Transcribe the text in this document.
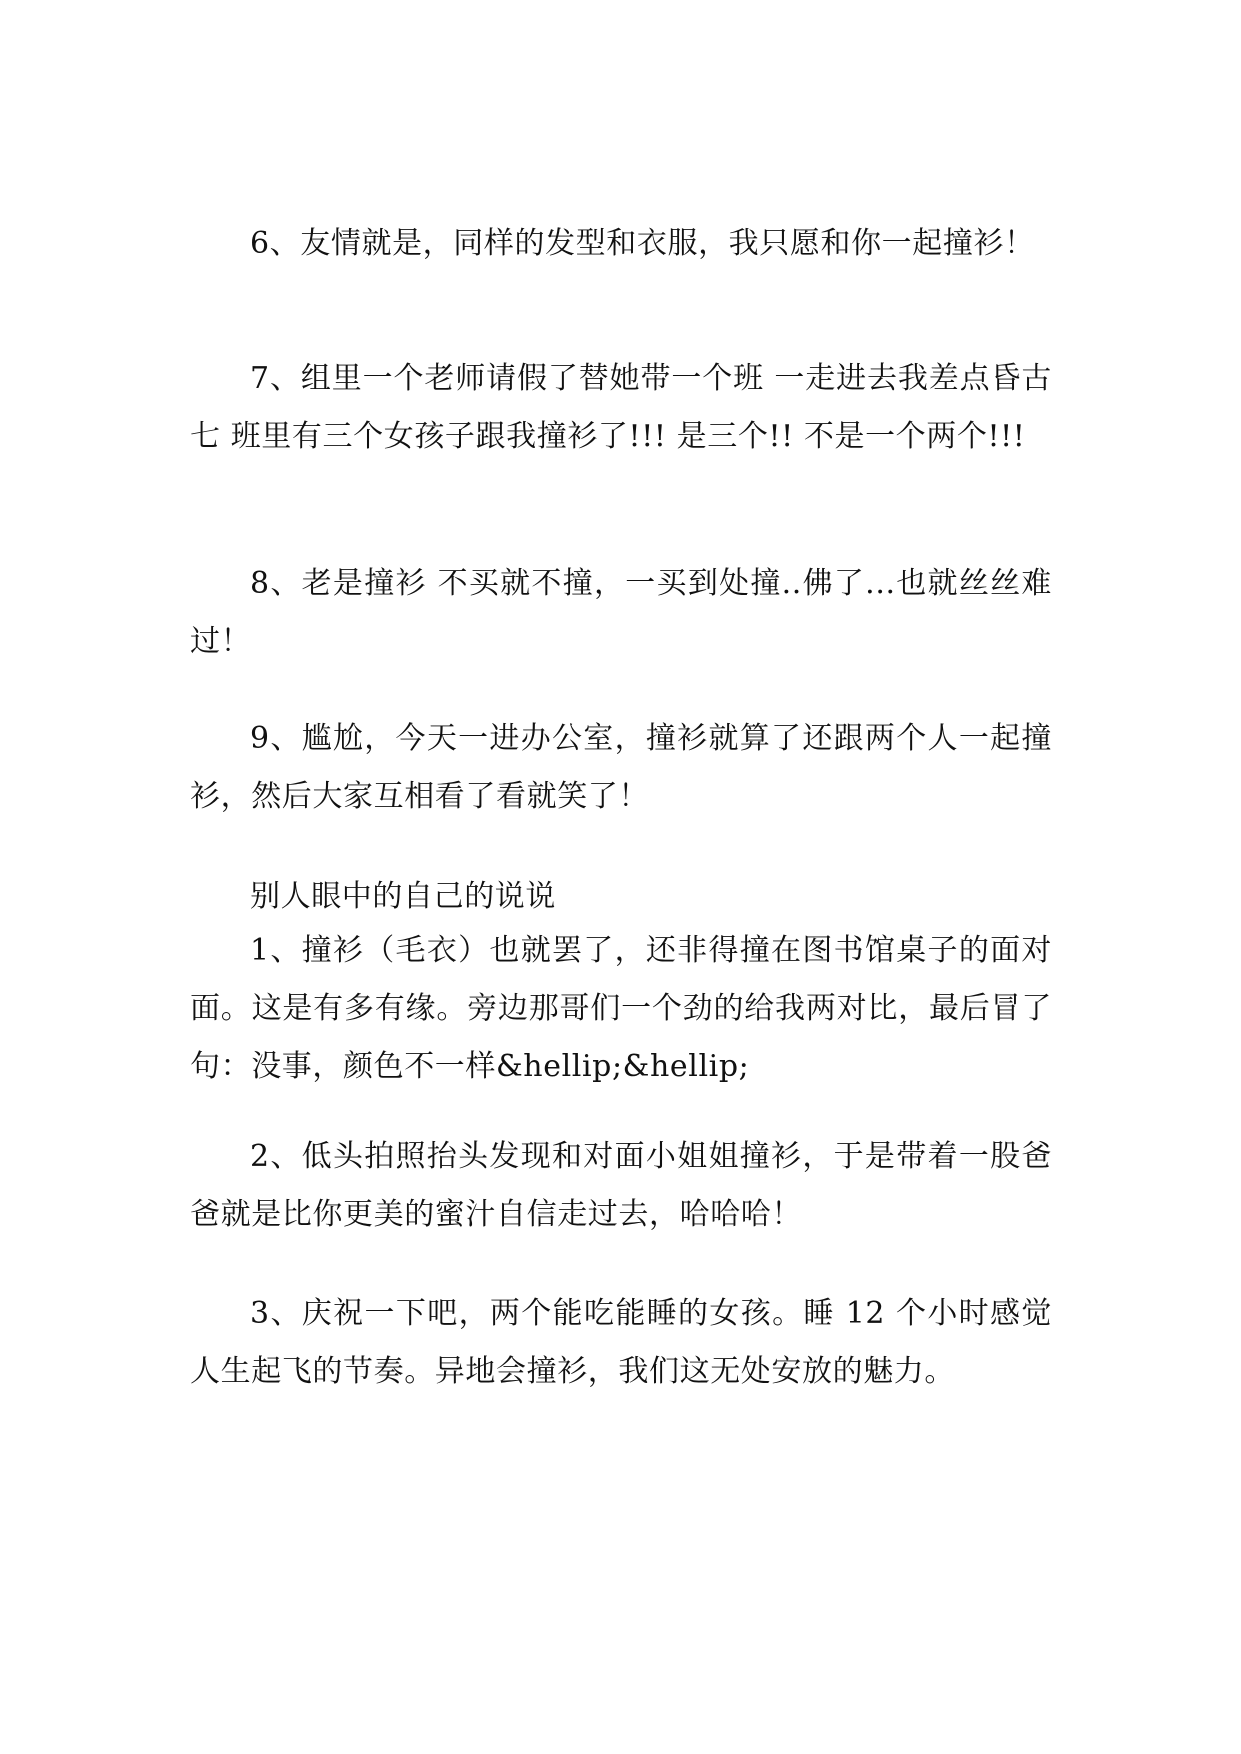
6、友情就是，同样的发型和衣服，我只愿和你一起撞衫！

7、组里一个老师请假了替她带一个班 一走进去我差点昏古七 班里有三个女孩子跟我撞衫了!!! 是三个!! 不是一个两个!!!

8、老是撞衫 不买就不撞，一买到处撞..佛了...也就丝丝难过！

9、尴尬，今天一进办公室，撞衫就算了还跟两个人一起撞衫，然后大家互相看了看就笑了！

别人眼中的自己的说说

1、撞衫（毛衣）也就罢了，还非得撞在图书馆桌子的面对面。这是有多有缘。旁边那哥们一个劲的给我两对比，最后冒了句：没事，颜色不一样&hellip;&hellip;

2、低头拍照抬头发现和对面小姐姐撞衫，于是带着一股爸爸就是比你更美的蜜汁自信走过去，哈哈哈！

3、庆祝一下吧，两个能吃能睡的女孩。睡 12 个小时感觉人生起飞的节奏。异地会撞衫，我们这无处安放的魅力。
